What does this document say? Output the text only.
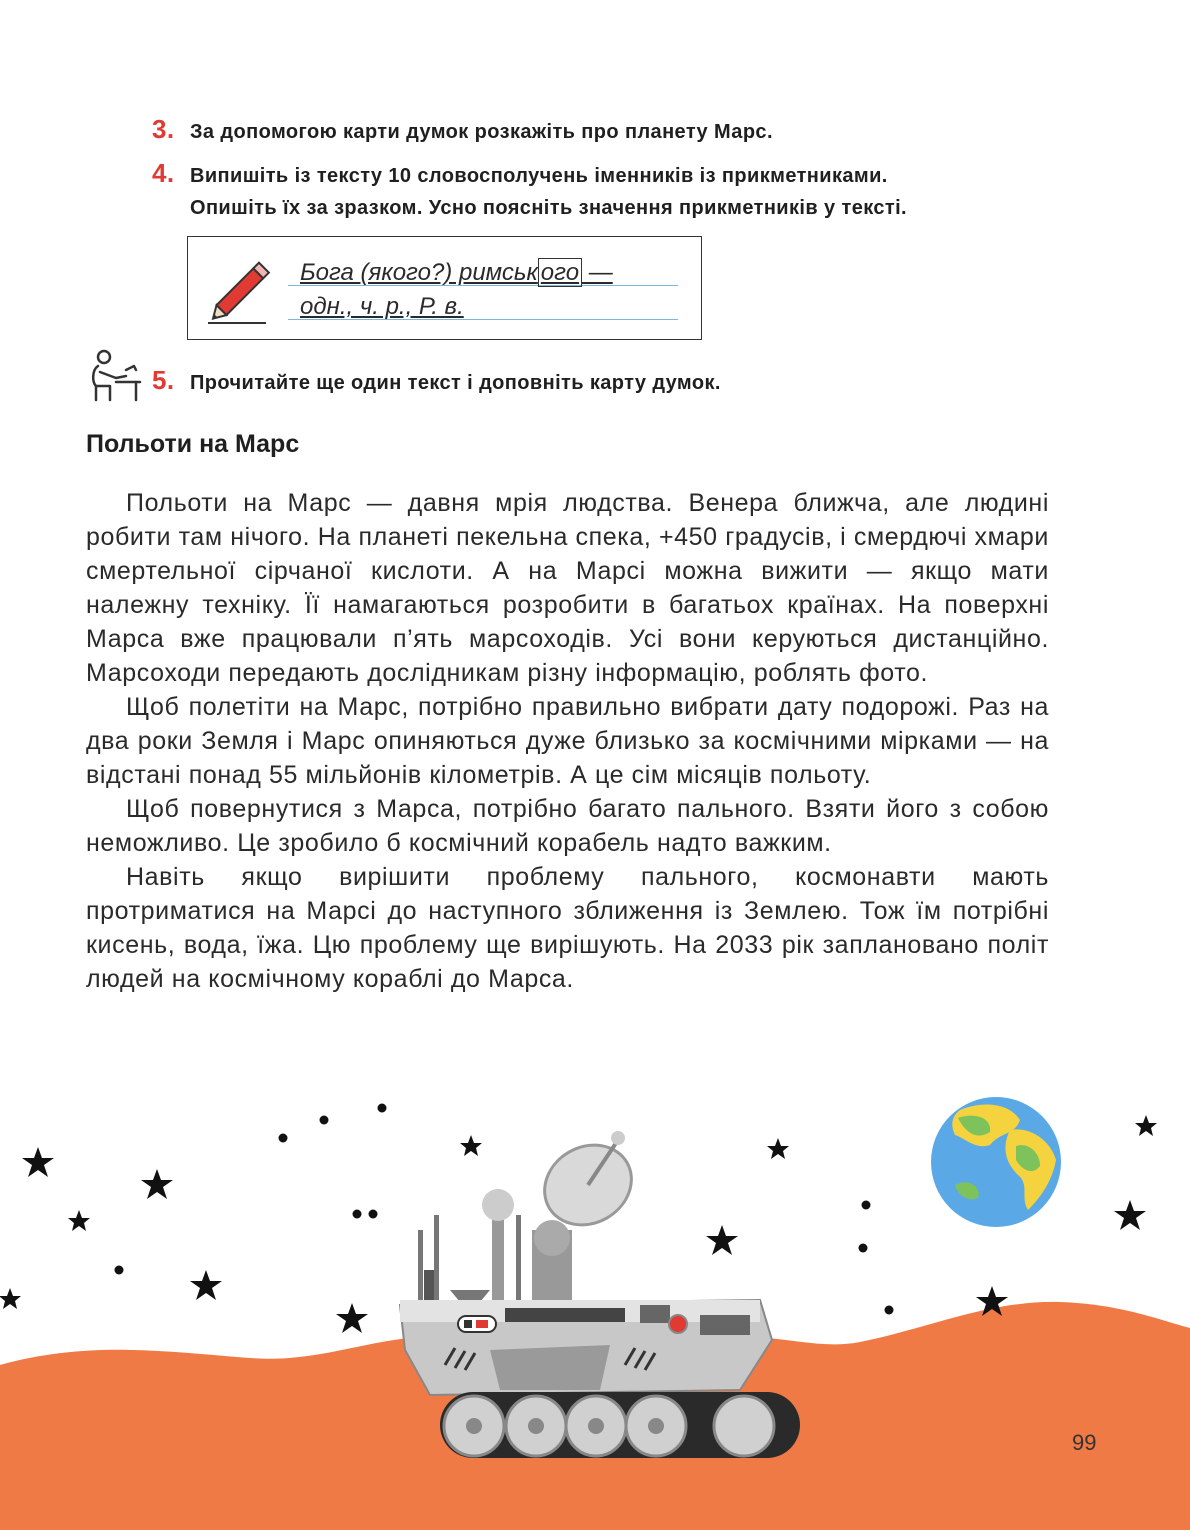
3. За допомогою карти думок розкажіть про планету Марс.
4. Випишіть із тексту 10 словосполучень іменників із прикметниками.
Опишіть їх за зразком. Усно поясніть значення прикметників у тексті.
Бога (якого?) римськ ого —
одн., ч. р., Р. в.
5. Прочитайте ще один текст і доповніть карту думок.
Польоти на Марс

Польоти на Марс — давня мрія людства. Венера ближча, але людині робити там нічого. На планеті пекельна спека, +450 градусів, і смердючі хмари смертельної сірчаної кислоти. А на Марсі можна вижити — якщо мати належну техніку. Її намагаються розробити в багатьох країнах. На поверхні Марса вже працювали п’ять марсоходів. Усі вони керуються дистанційно. Марсоходи передають дослідникам різну інформацію, роблять фото.

Щоб полетіти на Марс, потрібно правильно вибрати дату подорожі. Раз на два роки Земля і Марс опиняються дуже близько за космічними мірками — на відстані понад 55 мільйонів кілометрів. А це сім місяців польоту.

Щоб повернутися з Марса, потрібно багато пального. Взяти його з собою неможливо. Це зробило б космічний корабель надто важким.

Навіть якщо вирішити проблему пального, космонавти мають протриматися на Марсі до наступного зближення із Землею. Тож їм потрібні кисень, вода, їжа. Цю проблему ще вирішують. На 2033 рік заплановано політ людей на космічному кораблі до Марса.

99
